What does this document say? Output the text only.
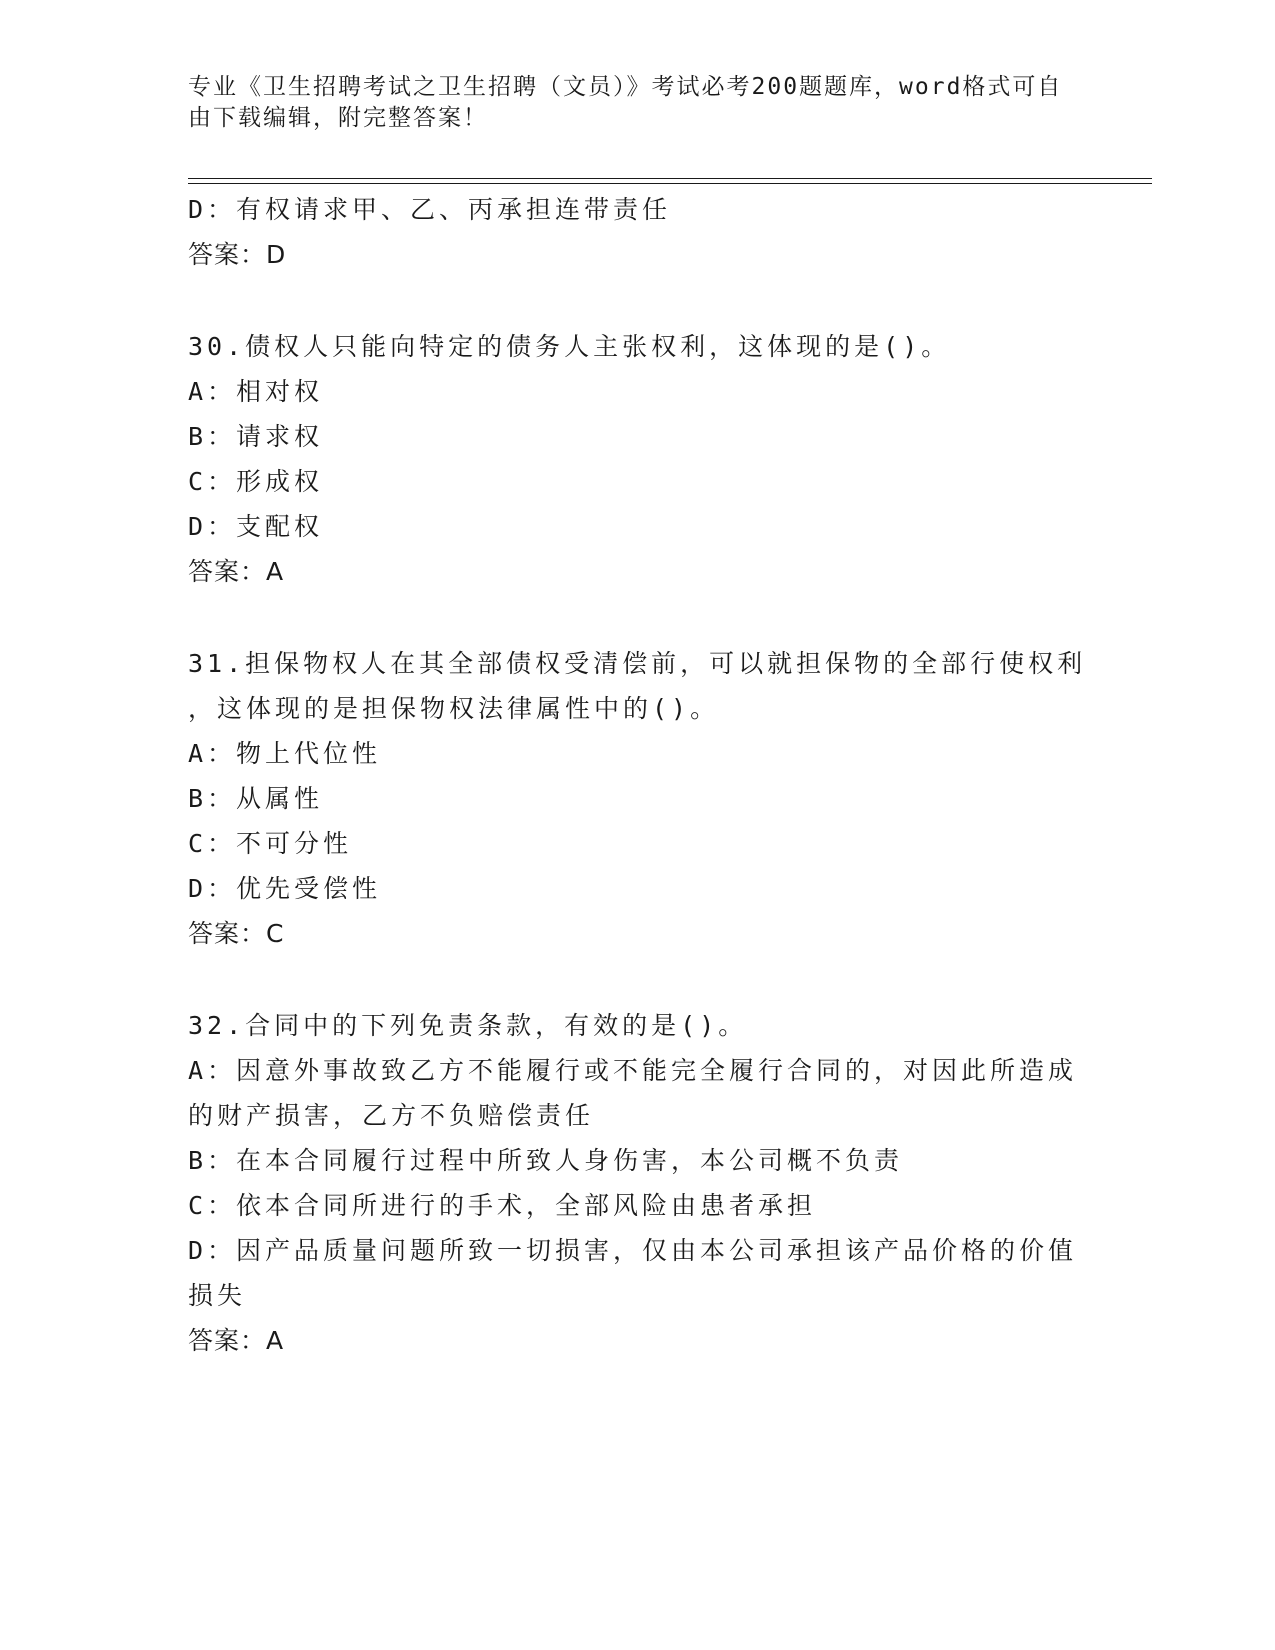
专业《卫生招聘考试之卫生招聘（文员）》考试必考200题题库，word格式可自
由下载编辑，附完整答案！
D：有权请求甲、乙、丙承担连带责任
答案：D
30.债权人只能向特定的债务人主张权利，这体现的是()。
A：相对权
B：请求权
C：形成权
D：支配权
答案：A
31.担保物权人在其全部债权受清偿前，可以就担保物的全部行使权利
，这体现的是担保物权法律属性中的()。
A：物上代位性
B：从属性
C：不可分性
D：优先受偿性
答案：C
32.合同中的下列免责条款，有效的是()。
A：因意外事故致乙方不能履行或不能完全履行合同的，对因此所造成
的财产损害，乙方不负赔偿责任
B：在本合同履行过程中所致人身伤害，本公司概不负责
C：依本合同所进行的手术，全部风险由患者承担
D：因产品质量问题所致一切损害，仅由本公司承担该产品价格的价值
损失
答案：A
